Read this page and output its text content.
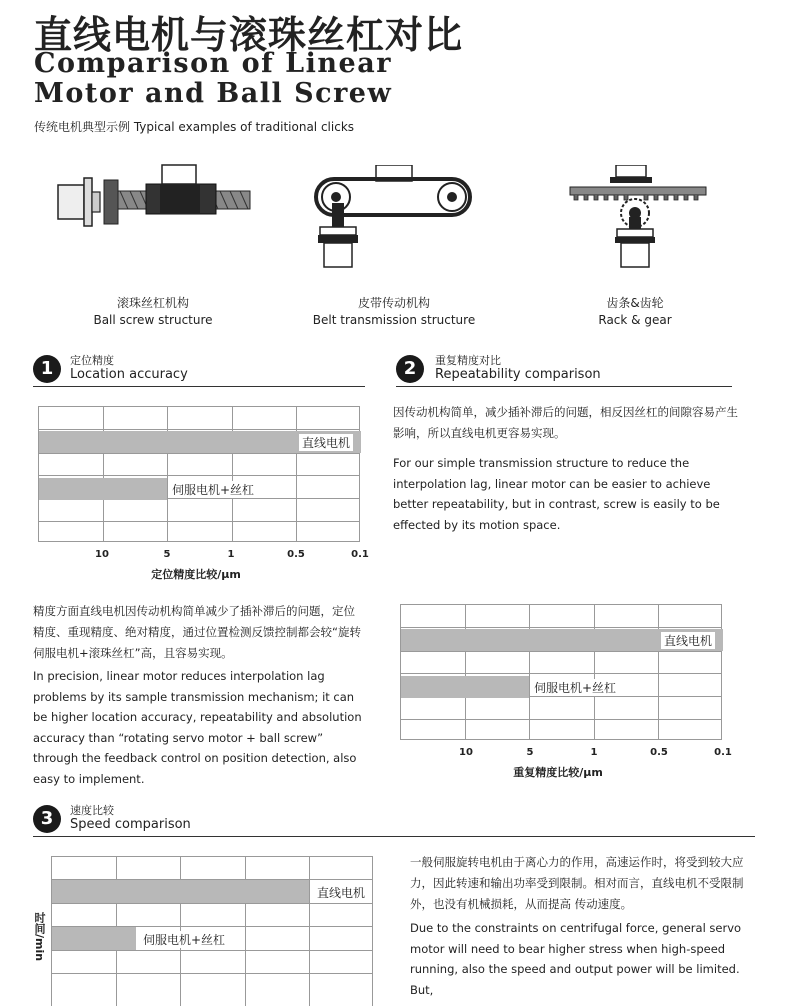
直线电机与滚珠丝杠对比
Comparison of Linear
Motor and Ball Screw
传统电机典型示例 Typical examples of traditional clicks
滚珠丝杠机构
Ball screw structure
皮带传动机构
Belt transmission structure
齿条&齿轮
Rack & gear
1	定位精度
Location accuracy	2	重复精度对比
Repeatability comparison
直线电机
伺服电机+丝杠
10	5	1	0.5	0.1
定位精度比较/μm
因传动机构简单，减少插补滞后的问题，相反因丝杠的间隙容易产生影响，所以直线电机更容易实现。
For our simple transmission structure to reduce the interpolation lag, linear motor can be easier to achieve better repeatability, but in contrast, screw is easily to be effected by its motion space.
精度方面直线电机因传动机构简单减少了插补滞后的问题，定位精度、重现精度、绝对精度，通过位置检测反馈控制都会较“旋转伺服电机+滚珠丝杠”高，且容易实现。
In precision, linear motor reduces interpolation lag problems by its sample transmission mechanism; it can be higher location accuracy, repeatability and absolution accuracy than “rotating servo motor + ball screw” through the feedback control on position detection, also easy to implement.
直线电机
伺服电机+丝杠
10	5	1	0.5	0.1
重复精度比较/μm
3	速度比较
Speed comparison
时间/min
直线电机
伺服电机+丝杠
一般伺服旋转电机由于离心力的作用，高速运作时，将受到较大应力，因此转速和输出功率受到限制。相对而言，直线电机不受限制外，也没有机械损耗，从而提高 传动速度。
Due to the constraints on centrifugal force, general servo motor will need to bear higher stress when high-speed running, also the speed and output power will be limited. But,
